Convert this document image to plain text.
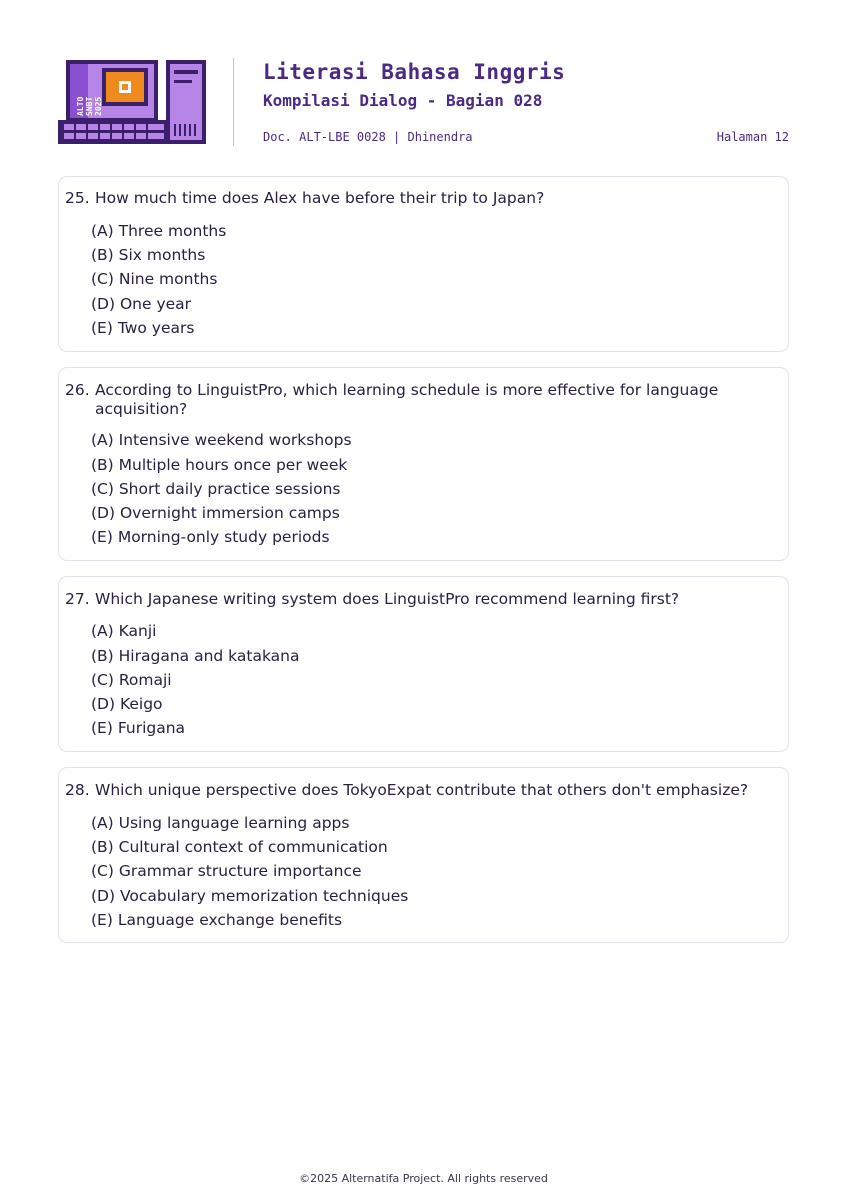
ALTO SNBT 2025
Literasi Bahasa Inggris
Kompilasi Dialog - Bagian 028
Doc. ALT-LBE 0028 | Dhinendra	Halaman 12
25. How much time does Alex have before their trip to Japan?
(A) Three months
(B) Six months
(C) Nine months
(D) One year
(E) Two years
26. According to LinguistPro, which learning schedule is more effective for language acquisition?
(A) Intensive weekend workshops
(B) Multiple hours once per week
(C) Short daily practice sessions
(D) Overnight immersion camps
(E) Morning-only study periods
27. Which Japanese writing system does LinguistPro recommend learning first?
(A) Kanji
(B) Hiragana and katakana
(C) Romaji
(D) Keigo
(E) Furigana
28. Which unique perspective does TokyoExpat contribute that others don't emphasize?
(A) Using language learning apps
(B) Cultural context of communication
(C) Grammar structure importance
(D) Vocabulary memorization techniques
(E) Language exchange benefits
©2025 Alternatifa Project. All rights reserved
